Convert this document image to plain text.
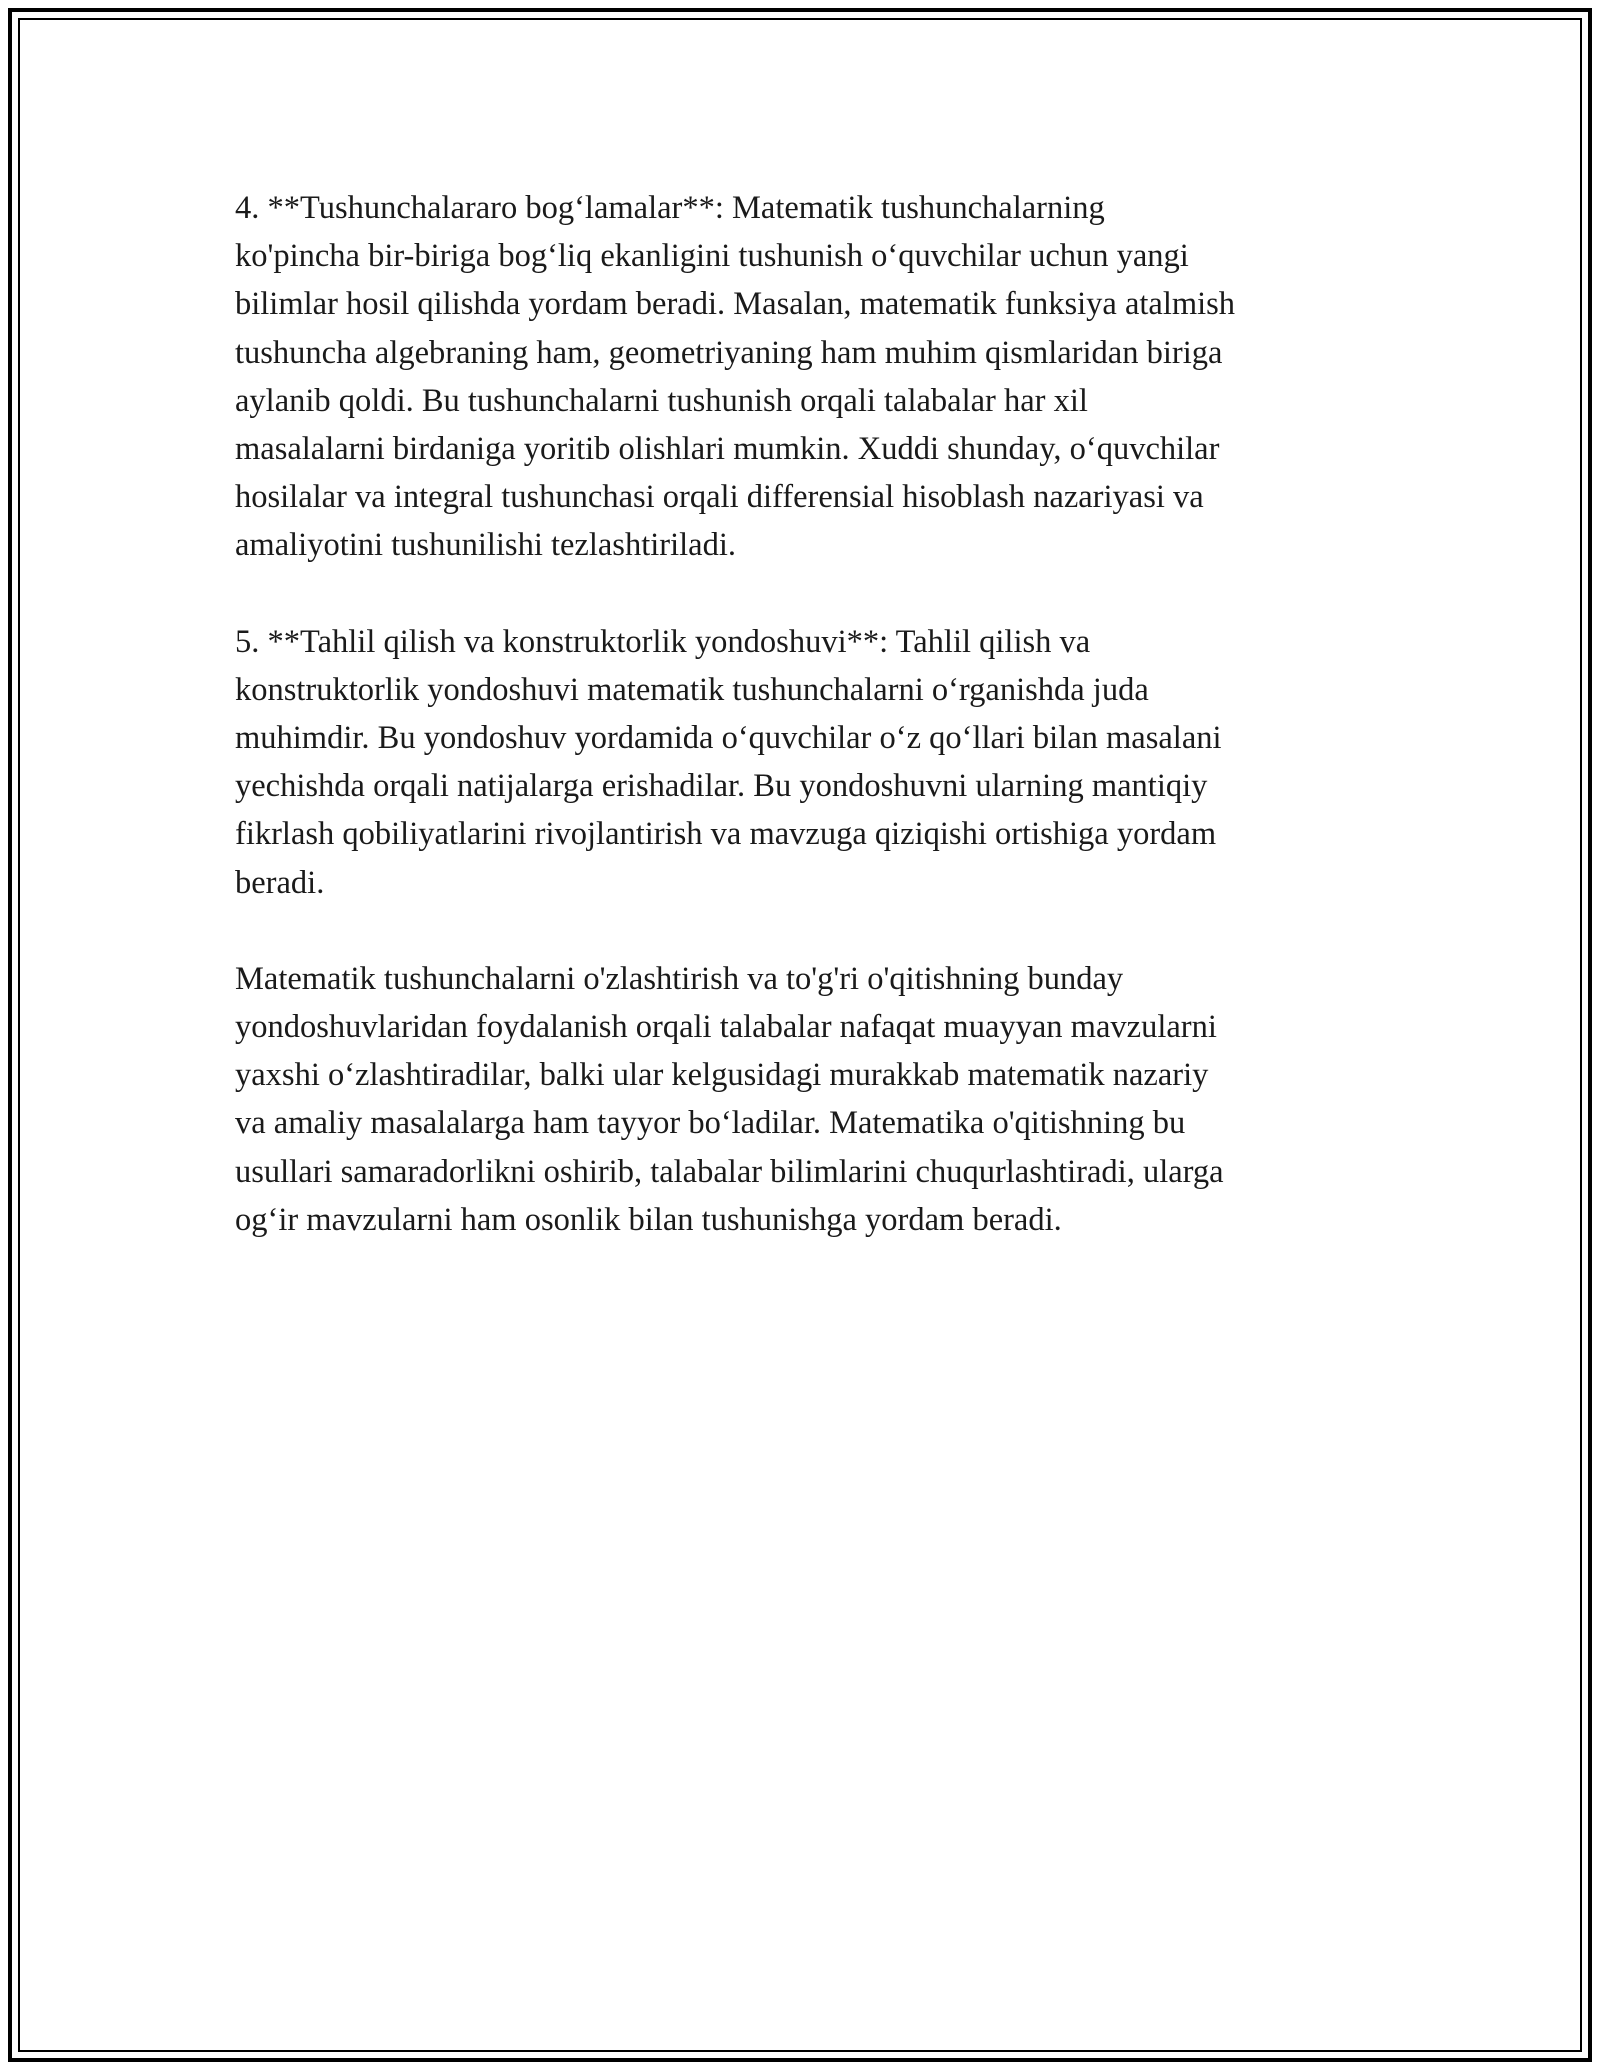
4. **Tushunchalararo bog‘lamalar**: Matematik tushunchalarning
ko'pincha bir-biriga bog‘liq ekanligini tushunish o‘quvchilar uchun yangi
bilimlar hosil qilishda yordam beradi. Masalan, matematik funksiya atalmish
tushuncha algebraning ham, geometriyaning ham muhim qismlaridan biriga
aylanib qoldi. Bu tushunchalarni tushunish orqali talabalar har xil
masalalarni birdaniga yoritib olishlari mumkin. Xuddi shunday, o‘quvchilar
hosilalar va integral tushunchasi orqali differensial hisoblash nazariyasi va
amaliyotini tushunilishi tezlashtiriladi.

5. **Tahlil qilish va konstruktorlik yondoshuvi**: Tahlil qilish va
konstruktorlik yondoshuvi matematik tushunchalarni o‘rganishda juda
muhimdir. Bu yondoshuv yordamida o‘quvchilar o‘z qo‘llari bilan masalani
yechishda orqali natijalarga erishadilar. Bu yondoshuvni ularning mantiqiy
fikrlash qobiliyatlarini rivojlantirish va mavzuga qiziqishi ortishiga yordam
beradi.

Matematik tushunchalarni o'zlashtirish va to'g'ri o'qitishning bunday
yondoshuvlaridan foydalanish orqali talabalar nafaqat muayyan mavzularni
yaxshi o‘zlashtiradilar, balki ular kelgusidagi murakkab matematik nazariy
va amaliy masalalarga ham tayyor bo‘ladilar. Matematika o'qitishning bu
usullari samaradorlikni oshirib, talabalar bilimlarini chuqurlashtiradi, ularga
og‘ir mavzularni ham osonlik bilan tushunishga yordam beradi.
